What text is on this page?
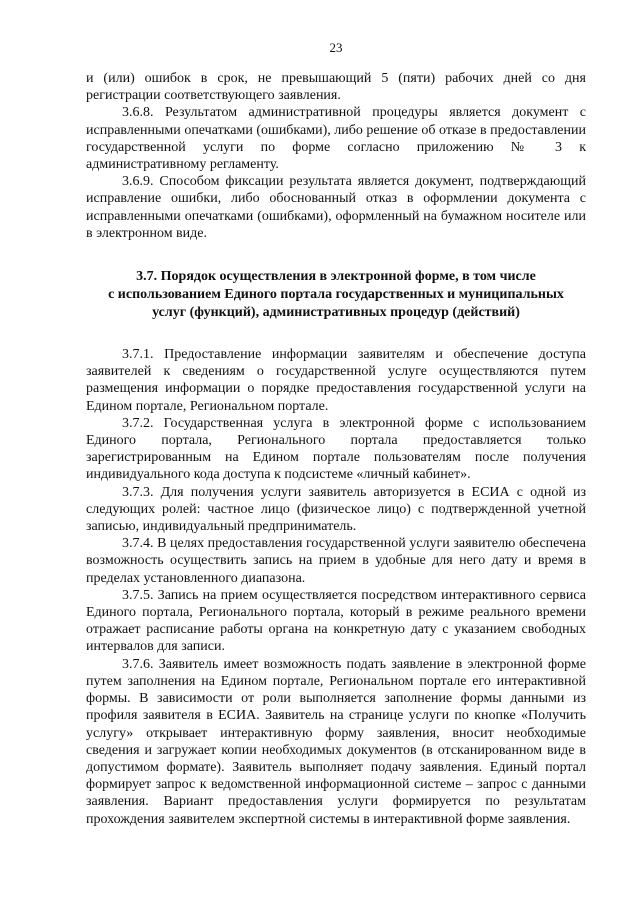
23

и (или) ошибок в срок, не превышающий 5 (пяти) рабочих дней со дня регистрации соответствующего заявления.

3.6.8. Результатом административной процедуры является документ с исправленными опечатками (ошибками), либо решение об отказе в предоставлении государственной услуги по форме согласно приложению № 3 к административному регламенту.

3.6.9. Способом фиксации результата является документ, подтверждающий исправление ошибки, либо обоснованный отказ в оформлении документа с исправленными опечатками (ошибками), оформленный на бумажном носителе или в электронном виде.

3.7. Порядок осуществления в электронной форме, в том числе
с использованием Единого портала государственных и муниципальных
услуг (функций), административных процедур (действий)

3.7.1. Предоставление информации заявителям и обеспечение доступа заявителей к сведениям о государственной услуге осуществляются путем размещения информации о порядке предоставления государственной услуги на Едином портале, Региональном портале.

3.7.2. Государственная услуга в электронной форме с использованием Единого портала, Регионального портала предоставляется только зарегистрированным на Едином портале пользователям после получения индивидуального кода доступа к подсистеме «личный кабинет».

3.7.3. Для получения услуги заявитель авторизуется в ЕСИА с одной из следующих ролей: частное лицо (физическое лицо) с подтвержденной учетной записью, индивидуальный предприниматель.

3.7.4. В целях предоставления государственной услуги заявителю обеспечена возможность осуществить запись на прием в удобные для него дату и время в пределах установленного диапазона.

3.7.5. Запись на прием осуществляется посредством интерактивного сервиса Единого портала, Регионального портала, который в режиме реального времени отражает расписание работы органа на конкретную дату с указанием свободных интервалов для записи.

3.7.6. Заявитель имеет возможность подать заявление в электронной форме путем заполнения на Едином портале, Региональном портале его интерактивной формы. В зависимости от роли выполняется заполнение формы данными из профиля заявителя в ЕСИА. Заявитель на странице услуги по кнопке «Получить услугу» открывает интерактивную форму заявления, вносит необходимые сведения и загружает копии необходимых документов (в отсканированном виде в допустимом формате). Заявитель выполняет подачу заявления. Единый портал формирует запрос к ведомственной информационной системе – запрос с данными заявления. Вариант предоставления услуги формируется по результатам прохождения заявителем экспертной системы в интерактивной форме заявления.
